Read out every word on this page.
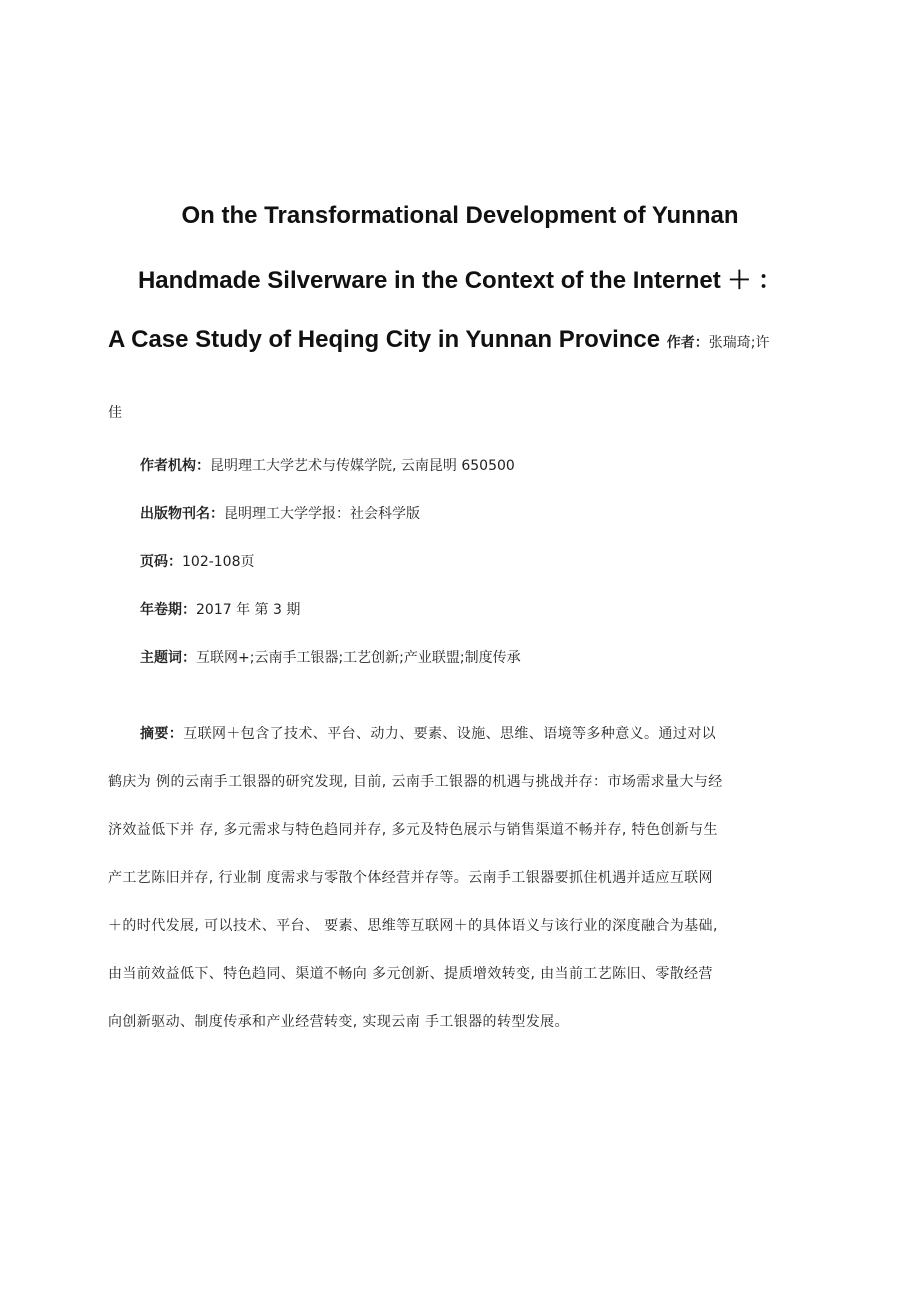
On the Transformational Development of Yunnan
Handmade Silverware in the Context of the Internet ＋ ：
A Case Study of Heqing City in Yunnan Province 作者：张瑞琦;许
佳
作者机构：昆明理工大学艺术与传媒学院, 云南昆明 650500
出版物刊名：昆明理工大学学报：社会科学版
页码：102-108页
年卷期：2017 年 第 3 期
主题词：互联网+;云南手工银器;工艺创新;产业联盟;制度传承
摘要：互联网＋包含了技术、平台、动力、要素、设施、思维、语境等多种意义。通过对以
鹤庆为 例的云南手工银器的研究发现, 目前, 云南手工银器的机遇与挑战并存：市场需求量大与经
济效益低下并 存, 多元需求与特色趋同并存, 多元及特色展示与销售渠道不畅并存, 特色创新与生
产工艺陈旧并存, 行业制 度需求与零散个体经营并存等。云南手工银器要抓住机遇并适应互联网
＋的时代发展, 可以技术、平台、 要素、思维等互联网＋的具体语义与该行业的深度融合为基础,
由当前效益低下、特色趋同、渠道不畅向 多元创新、提质增效转变, 由当前工艺陈旧、零散经营
向创新驱动、制度传承和产业经营转变, 实现云南 手工银器的转型发展。
